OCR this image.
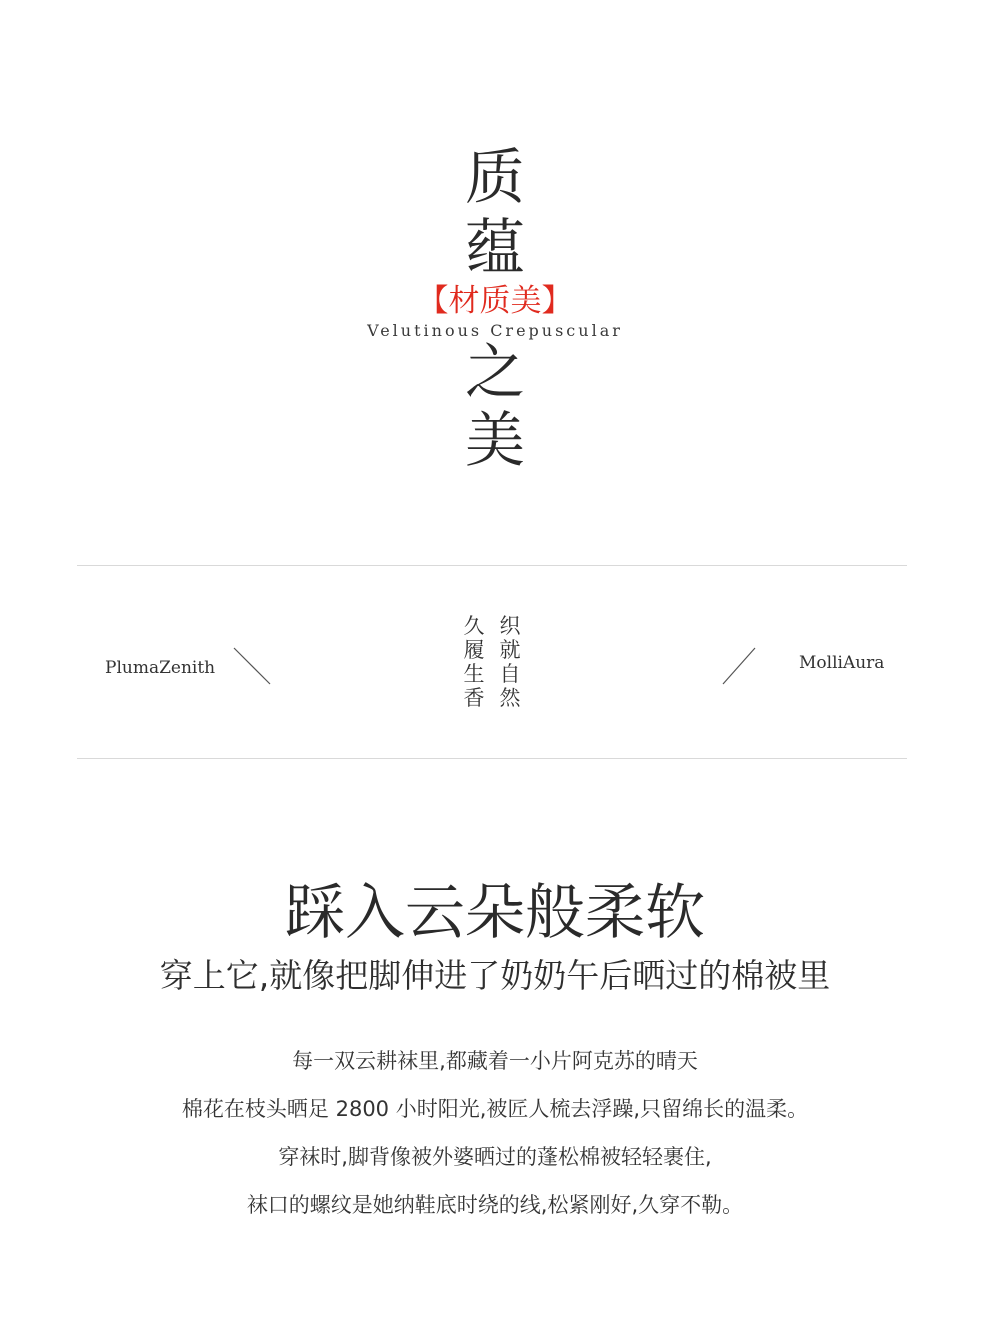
质
蕴
【材质美】
Velutinous Crepuscular
之
美
PlumaZenith
久
履
生
香
织
就
自
然
MolliAura
踩入云朵般柔软
穿上它,就像把脚伸进了奶奶午后晒过的棉被里
每一双云耕袜里,都藏着一小片阿克苏的晴天
棉花在枝头晒足 2800 小时阳光,被匠人梳去浮躁,只留绵长的温柔。
穿袜时,脚背像被外婆晒过的蓬松棉被轻轻裹住,
袜口的螺纹是她纳鞋底时绕的线,松紧刚好,久穿不勒。
